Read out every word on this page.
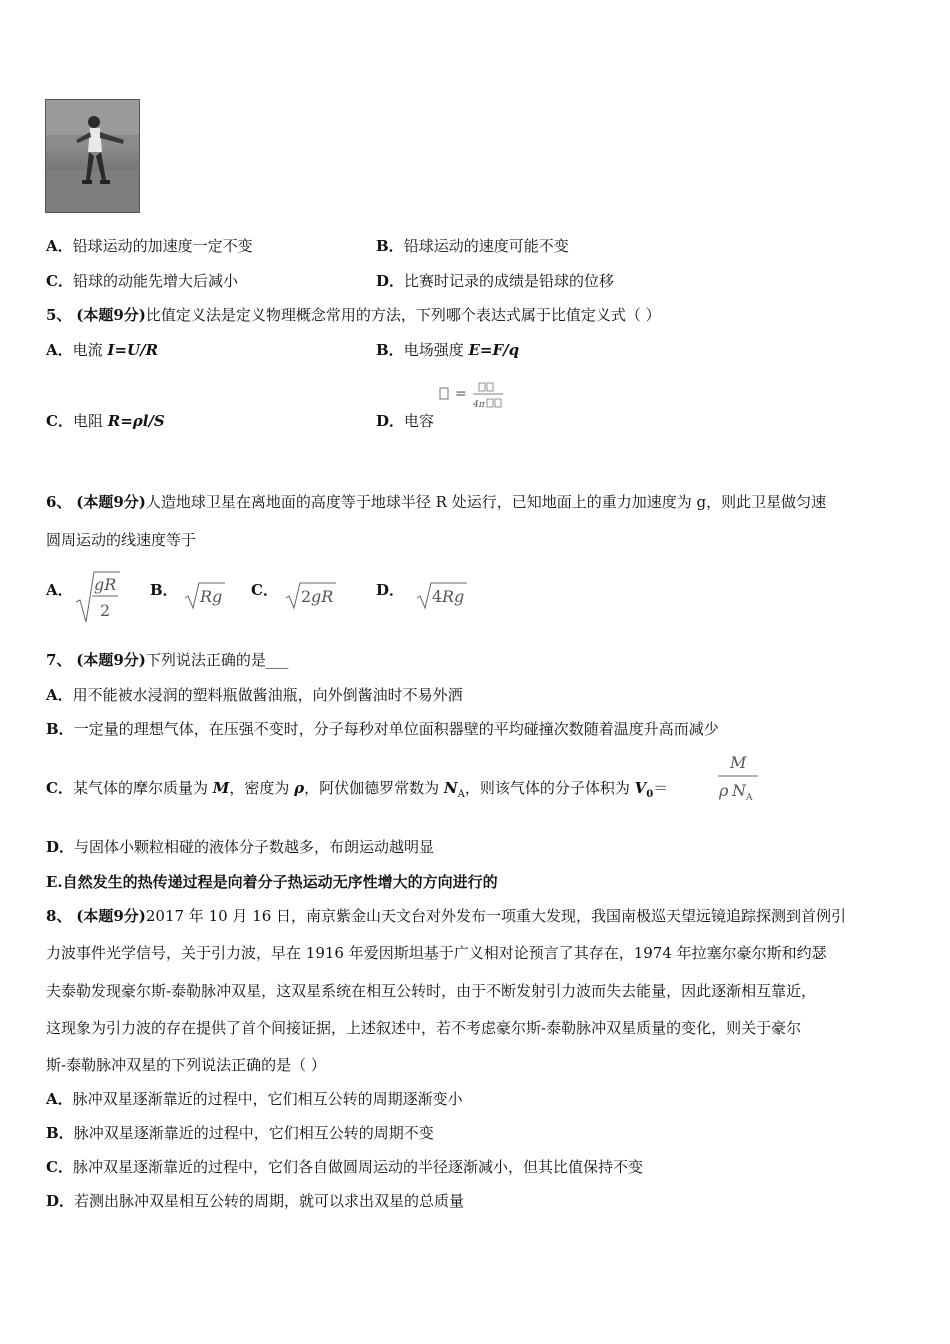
A．铅球运动的加速度一定不变	B．铅球运动的速度可能不变
C．铅球的动能先增大后减小	D．比赛时记录的成绩是铅球的位移
5、 (本题9分)比值定义法是定义物理概念常用的方法，下列哪个表达式属于比值定义式（ ）
A．电流 I=U/R	B．电场强度 E=F/q
C．电阻 R=ρl/S	D．电容
=
4π
6、 (本题9分)人造地球卫星在离地面的高度等于地球半径 R 处运行，已知地面上的重力加速度为 g，则此卫星做匀速
圆周运动的线速度等于
A． gR
2
B． Rg C． 2 gR	D． 4 Rg
7、 (本题9分)下列说法正确的是___
A．用不能被水浸润的塑料瓶做酱油瓶，向外倒酱油时不易外洒
B．一定量的理想气体，在压强不变时，分子每秒对单位面积器壁的平均碰撞次数随着温度升高而减少
C．某气体的摩尔质量为 M，密度为 ρ，阿伏伽德罗常数为 $N_A$，则该气体的分子体积为 $V_0=$
M
ρ N A
D．与固体小颗粒相碰的液体分子数越多，布朗运动越明显
E.自然发生的热传递过程是向着分子热运动无序性增大的方向进行的
8、 (本题9分)2017 年 10 月 16 日，南京紫金山天文台对外发布一项重大发现，我国南极巡天望远镜追踪探测到首例引
力波事件光学信号，关于引力波，早在 1916 年爱因斯坦基于广义相对论预言了其存在，1974 年拉塞尔豪尔斯和约瑟
夫泰勒发现豪尔斯-泰勒脉冲双星，这双星系统在相互公转时，由于不断发射引力波而失去能量，因此逐渐相互靠近，
这现象为引力波的存在提供了首个间接证据，上述叙述中，若不考虑豪尔斯-泰勒脉冲双星质量的变化，则关于豪尔
斯-泰勒脉冲双星的下列说法正确的是（ ）
A．脉冲双星逐渐靠近的过程中，它们相互公转的周期逐渐变小
B．脉冲双星逐渐靠近的过程中，它们相互公转的周期不变
C．脉冲双星逐渐靠近的过程中，它们各自做圆周运动的半径逐渐减小，但其比值保持不变
D．若测出脉冲双星相互公转的周期，就可以求出双星的总质量
